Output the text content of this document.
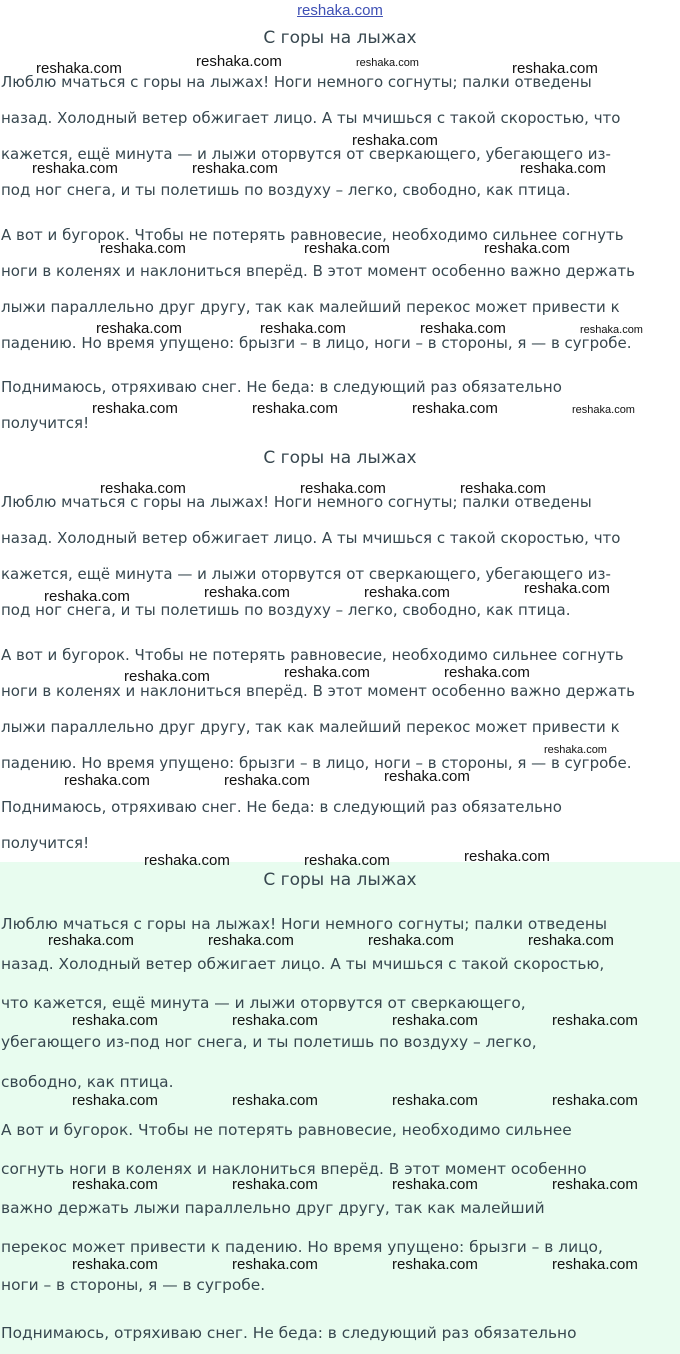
reshaka.com
С горы на лыжах

Люблю мчаться с горы на лыжах! Ноги немного согнуты; палки отведены

назад. Холодный ветер обжигает лицо. А ты мчишься с такой скоростью, что

кажется, ещё минута — и лыжи оторвутся от сверкающего, убегающего из-

под ног снега, и ты полетишь по воздуху – легко, свободно, как птица.

А вот и бугорок. Чтобы не потерять равновесие, необходимо сильнее согнуть

ноги в коленях и наклониться вперёд. В этот момент особенно важно держать

лыжи параллельно друг другу, так как малейший перекос может привести к

падению. Но время упущено: брызги – в лицо, ноги – в стороны, я — в сугробе.

Поднимаюсь, отряхиваю снег. Не беда: в следующий раз обязательно

получится!

С горы на лыжах

Люблю мчаться с горы на лыжах! Ноги немного согнуты; палки отведены

назад. Холодный ветер обжигает лицо. А ты мчишься с такой скоростью, что

кажется, ещё минута — и лыжи оторвутся от сверкающего, убегающего из-

под ног снега, и ты полетишь по воздуху – легко, свободно, как птица.

А вот и бугорок. Чтобы не потерять равновесие, необходимо сильнее согнуть

ноги в коленях и наклониться вперёд. В этот момент особенно важно держать

лыжи параллельно друг другу, так как малейший перекос может привести к

падению. Но время упущено: брызги – в лицо, ноги – в стороны, я — в сугробе.

Поднимаюсь, отряхиваю снег. Не беда: в следующий раз обязательно

получится!

С горы на лыжах

Люблю мчаться с горы на лыжах! Ноги немного согнуты; палки отведены

назад. Холодный ветер обжигает лицо. А ты мчишься с такой скоростью,

что кажется, ещё минута — и лыжи оторвутся от сверкающего,

убегающего из-под ног снега, и ты полетишь по воздуху – легко,

свободно, как птица.

А вот и бугорок. Чтобы не потерять равновесие, необходимо сильнее

согнуть ноги в коленях и наклониться вперёд. В этот момент особенно

важно держать лыжи параллельно друг другу, так как малейший

перекос может привести к падению. Но время упущено: брызги – в лицо,

ноги – в стороны, я — в сугробе.

Поднимаюсь, отряхиваю снег. Не беда: в следующий раз обязательно

reshaka.com	reshaka.com	reshaka.com	reshaka.com
reshaka.com
reshaka.com	reshaka.com	reshaka.com
reshaka.com	reshaka.com	reshaka.com
reshaka.com	reshaka.com	reshaka.com	reshaka.com
reshaka.com	reshaka.com	reshaka.com	reshaka.com
reshaka.com	reshaka.com	reshaka.com
reshaka.com
reshaka.com	reshaka.com	reshaka.com
reshaka.com	reshaka.com	reshaka.com
reshaka.com
reshaka.com	reshaka.com	reshaka.com
reshaka.com	reshaka.com	reshaka.com
reshaka.com	reshaka.com	reshaka.com	reshaka.com
reshaka.com	reshaka.com	reshaka.com	reshaka.com
reshaka.com	reshaka.com	reshaka.com	reshaka.com
reshaka.com	reshaka.com	reshaka.com	reshaka.com
reshaka.com	reshaka.com	reshaka.com	reshaka.com
